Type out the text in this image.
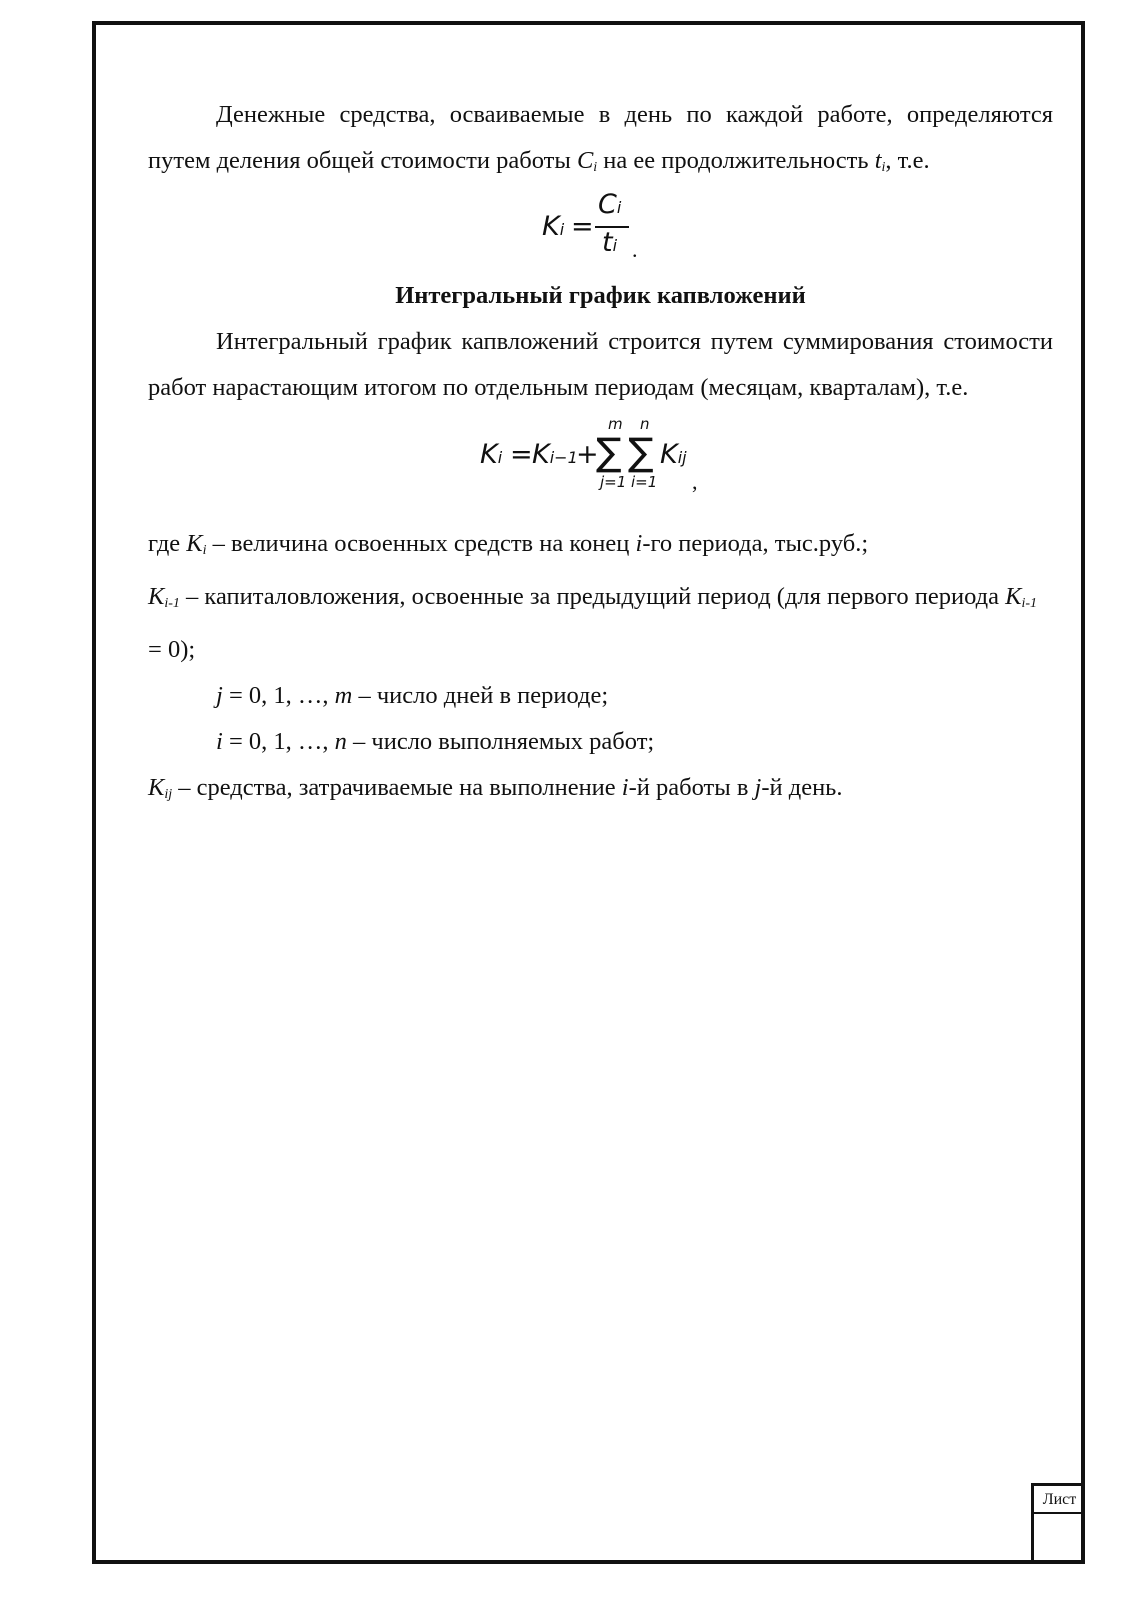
Денежные средства, осваиваемые в день по каждой работе, определяются путем деления общей стоимости работы $C_i$ на ее продолжительность $t_i$, т.е.

Ki =
Ci
ti .

Интегральный график капвложений

Интегральный график капвложений строится путем суммирования стоимости работ нарастающим итогом по отдельным периодам (месяцам, кварталам), т.е.

Ki = Ki−1
+
m
∑
j=1
n
∑
i=1
Kij
,

где $K_i$ – величина освоенных средств на конец i-го периода, тыс.руб.;

$K_{i-1}$ – капиталовложения, освоенные за предыдущий период (для первого периода $K_{i-1} = 0$);

j = 0, 1, …, m – число дней в периоде;

i = 0, 1, …, n – число выполняемых работ;

$K_{ij}$ – средства, затрачиваемые на выполнение i-й работы в j-й день.

Лист
